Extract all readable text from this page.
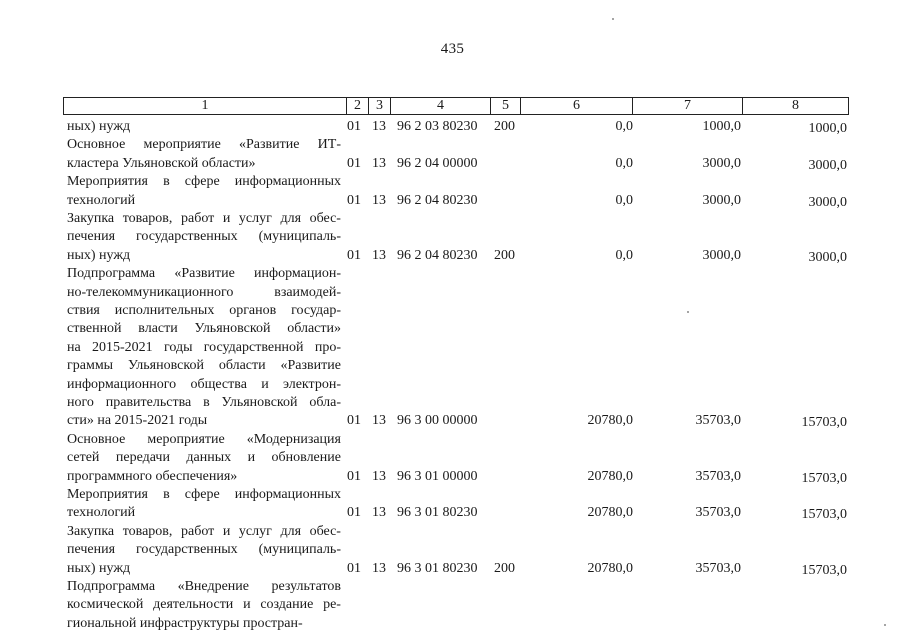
435
1	2	3	4	5	6	7	8
ных) нужд	01 13 96 2 03 80230 200	0,0	1000,0	1000,0
Основное мероприятие «Развитие ИТ-
кластера Ульяновской области»	01 13 96 2 04 00000	0,0	3000,0	3000,0
Мероприятия в сфере информационных
технологий	01 13 96 2 04 80230	0,0	3000,0	3000,0
Закупка товаров, работ и услуг для обес-
печения государственных (муниципаль-
ных) нужд	01 13 96 2 04 80230 200	0,0	3000,0	3000,0
Подпрограмма «Развитие информацион-
но-телекоммуникационного	взаимодей-
ствия исполнительных органов государ-
ственной власти Ульяновской области»
на 2015-2021 годы государственной про-
граммы Ульяновской области «Развитие
информационного общества и электрон-
ного правительства в Ульяновской обла-
сти» на 2015-2021 годы	01 13 96 3 00 00000	20780,0	35703,0	15703,0
Основное мероприятие «Модернизация
сетей передачи данных и обновление
программного обеспечения»	01 13 96 3 01 00000	20780,0	35703,0	15703,0
Мероприятия в сфере информационных
технологий	01 13 96 3 01 80230	20780,0	35703,0	15703,0
Закупка товаров, работ и услуг для обес-
печения государственных (муниципаль-
ных) нужд	01 13 96 3 01 80230 200	20780,0	35703,0	15703,0
Подпрограмма «Внедрение результатов
космической деятельности и создание ре-
гиональной инфраструктуры простран-
